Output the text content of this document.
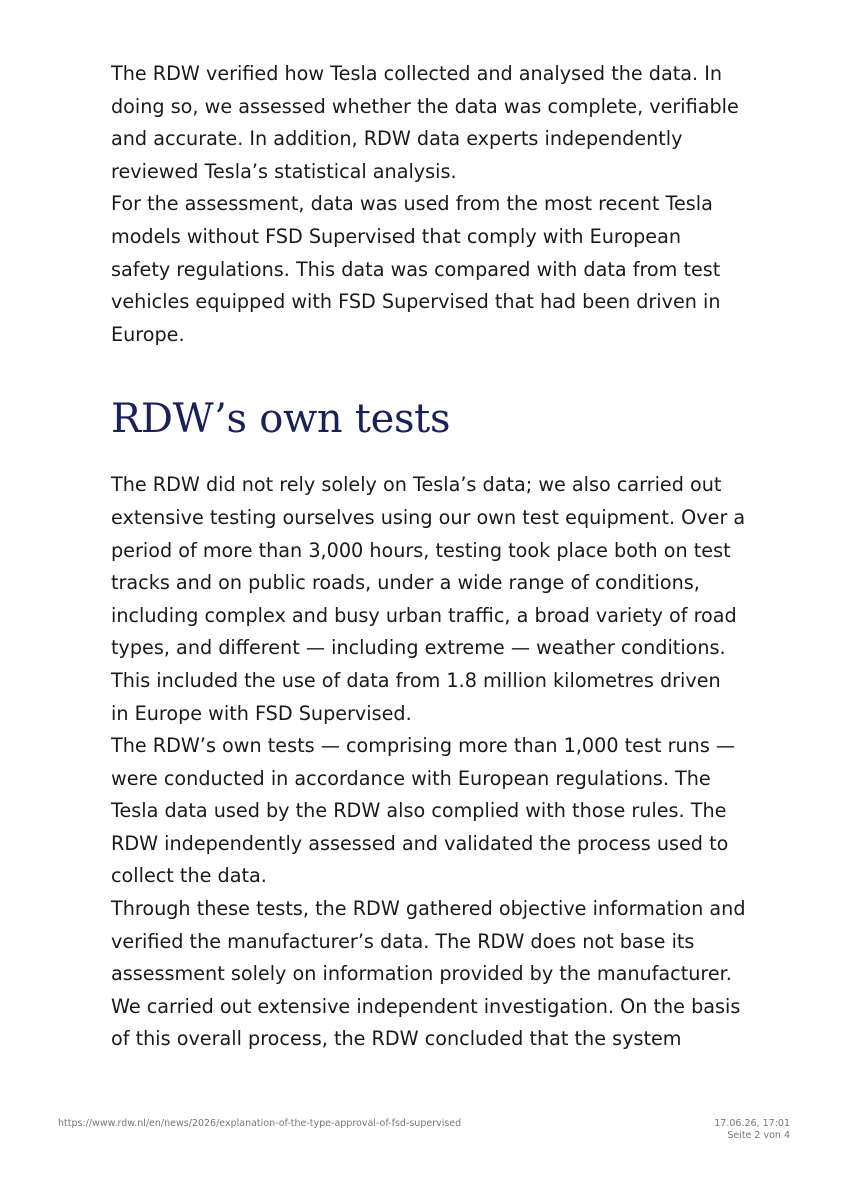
The RDW verified how Tesla collected and analysed the data. In
doing so, we assessed whether the data was complete, verifiable
and accurate. In addition, RDW data experts independently
reviewed Tesla’s statistical analysis.

For the assessment, data was used from the most recent Tesla
models without FSD Supervised that comply with European
safety regulations. This data was compared with data from test
vehicles equipped with FSD Supervised that had been driven in
Europe.

RDW’s own tests

The RDW did not rely solely on Tesla’s data; we also carried out
extensive testing ourselves using our own test equipment. Over a
period of more than 3,000 hours, testing took place both on test
tracks and on public roads, under a wide range of conditions,
including complex and busy urban traffic, a broad variety of road
types, and different — including extreme — weather conditions.
This included the use of data from 1.8 million kilometres driven
in Europe with FSD Supervised.

The RDW’s own tests — comprising more than 1,000 test runs —
were conducted in accordance with European regulations. The
Tesla data used by the RDW also complied with those rules. The
RDW independently assessed and validated the process used to
collect the data.

Through these tests, the RDW gathered objective information and
verified the manufacturer’s data. The RDW does not base its
assessment solely on information provided by the manufacturer.
We carried out extensive independent investigation. On the basis
of this overall process, the RDW concluded that the system

https://www.rdw.nl/en/news/2026/explanation-of-the-type-approval-of-fsd-supervised	17.06.26, 17:01
Seite 2 von 4
